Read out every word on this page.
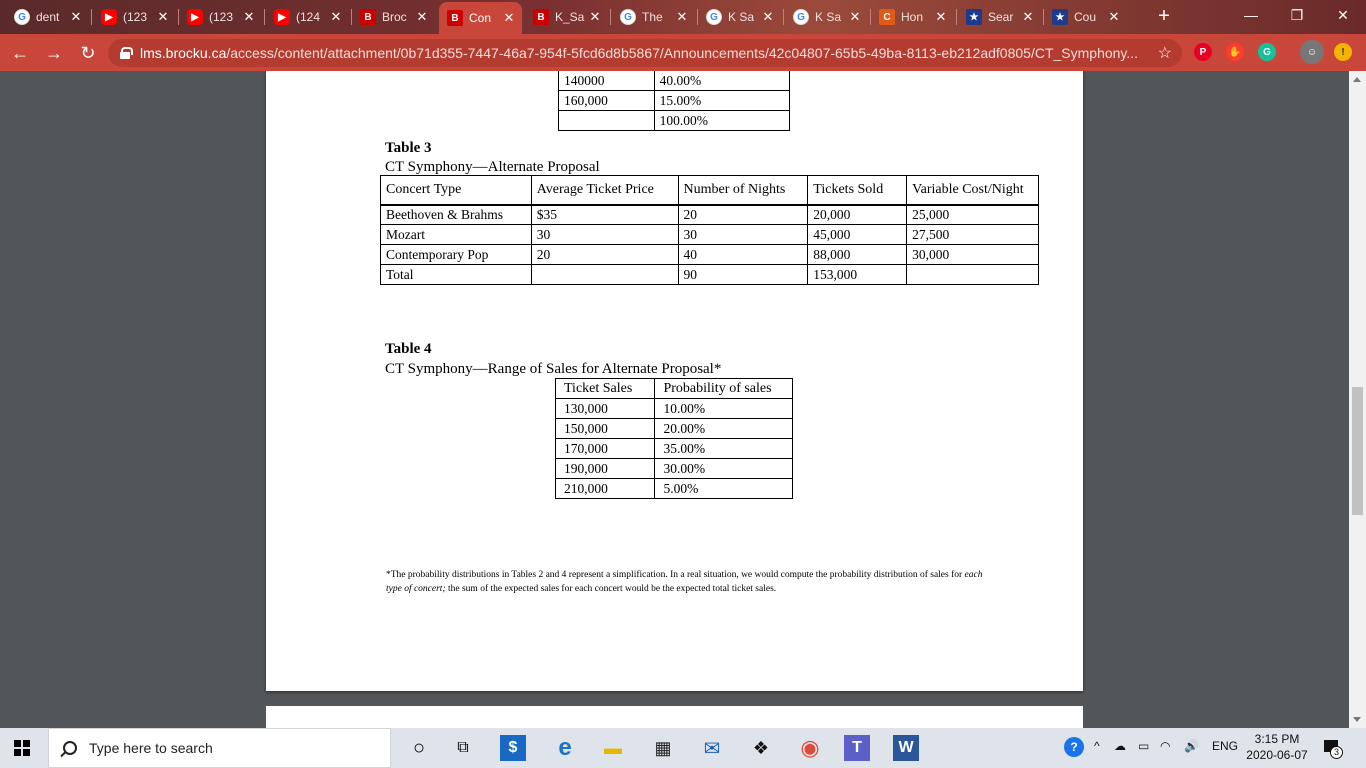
G dent ✕	▶ (123 ✕	▶ (123 ✕	▶ (124 ✕	B Broc ✕	B Con ✕	B K_Sa ✕	G The	✕	G K Sa ✕	G K Sa ✕	C Hon ✕	★ Sear ✕	★ Cou ✕	+	—	❐	✕
← → ↻	lms.brocku.ca/access/content/attachment/0b71d355-7447-46a7-954f-5fcd6d8b5867/Announcements/42c04807-65b5-49ba-8113-eb212adf0805/CT_Symphony... ☆	P	✋	G	☺	!
140000	40.00%
160,000	15.00%
	100.00%
Table 3
CT Symphony—Alternate Proposal
Concert Type	Average Ticket Price	Number of Nights	Tickets Sold	Variable Cost/Night
Beethoven & Brahms	$35	20	20,000	25,000
Mozart	30	30	45,000	27,500
Contemporary Pop	20	40	88,000	30,000
Total		90	153,000	
Table 4
CT Symphony—Range of Sales for Alternate Proposal*
Ticket Sales	Probability of sales
130,000	10.00%
150,000	20.00%
170,000	35.00%
190,000	30.00%
210,000	5.00%
*The probability distributions in Tables 2 and 4 represent a simplification. In a real situation, we would compute the probability distribution of sales for each type of concert; the sum of the expected sales for each concert would be the expected total ticket sales.
Type here to search	○	⧉	$	e	▬	▦	✉	❖	◉	T	W	?	^ ☁ ▭ ◠ 🔊 ENG	3:15 PM
2020-06-07	3
